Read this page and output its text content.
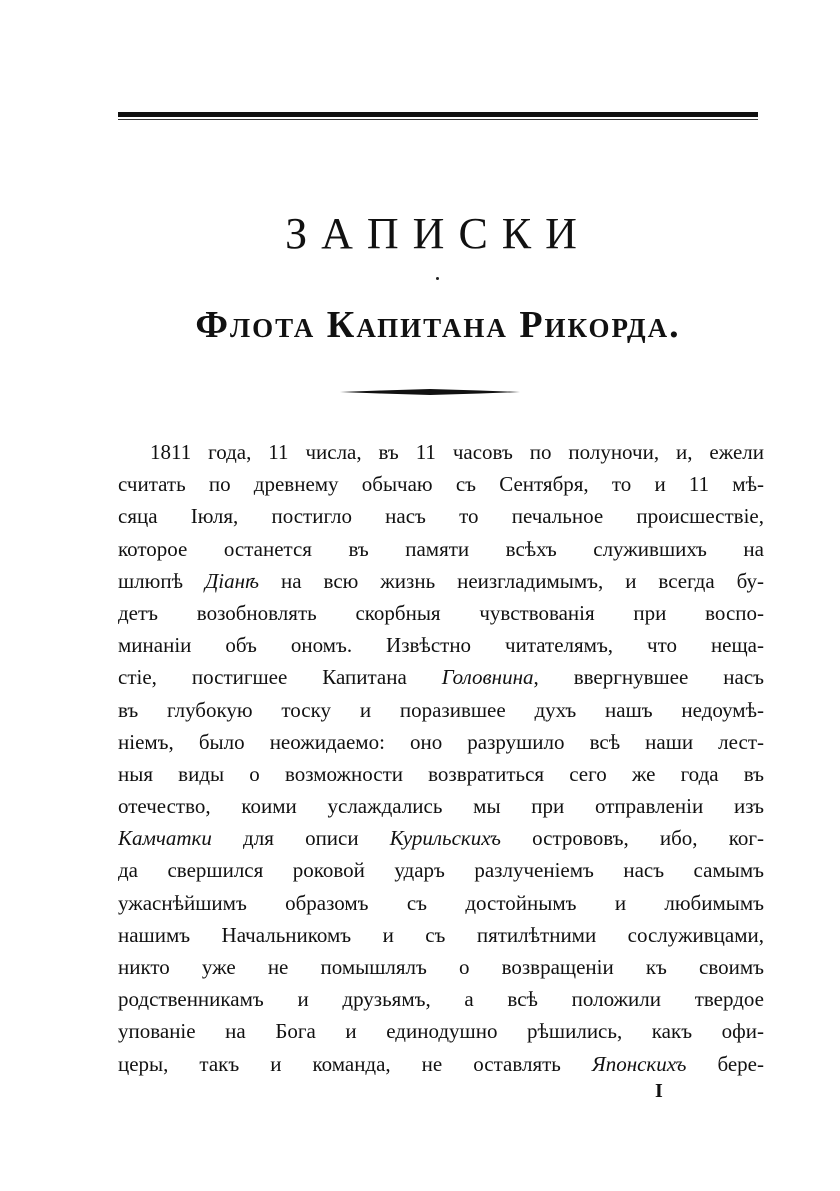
ЗАПИСКИ
Флота Капитана Рикорда.
1811 года, 11 числа, въ 11 часовъ по полуночи, и, ежели
считать по древнему обычаю съ Сентября, то и 11 мѣ-
сяца Іюля, постигло насъ то печальное происшествіе,
которое останется въ памяти всѣхъ служившихъ на
шлюпѣ Діанѣ на всю жизнь неизгладимымъ, и всегда бу-
детъ возобновлять скорбныя чувствованія при воспо-
минаніи объ ономъ. Извѣстно читателямъ, что нещa-
стіе, постигшее Капитана Головнина, ввергнувшее насъ
въ глубокую тоску и поразившее духъ нашъ недоумѣ-
ніемъ, было неожидаемо: оно разрушило всѣ наши лест-
ныя виды о возможности возвратиться сего же года въ
отечество, коими услаждались мы при отправленіи изъ
Камчатки для описи Курильскихъ острововъ, ибо, ког-
да свершился роковой ударъ разлученіемъ насъ самымъ
ужаснѣйшимъ образомъ съ достойнымъ и любимымъ
нашимъ Начальникомъ и съ пятилѣтними сослуживцами,
никто уже не помышлялъ о возвращеніи къ своимъ
родственникамъ и друзьямъ, а всѣ положили твердое
упованіе на Бога и единодушно рѣшились, какъ офи-
церы, такъ и команда, не оставлять Японскихъ бере-
I
